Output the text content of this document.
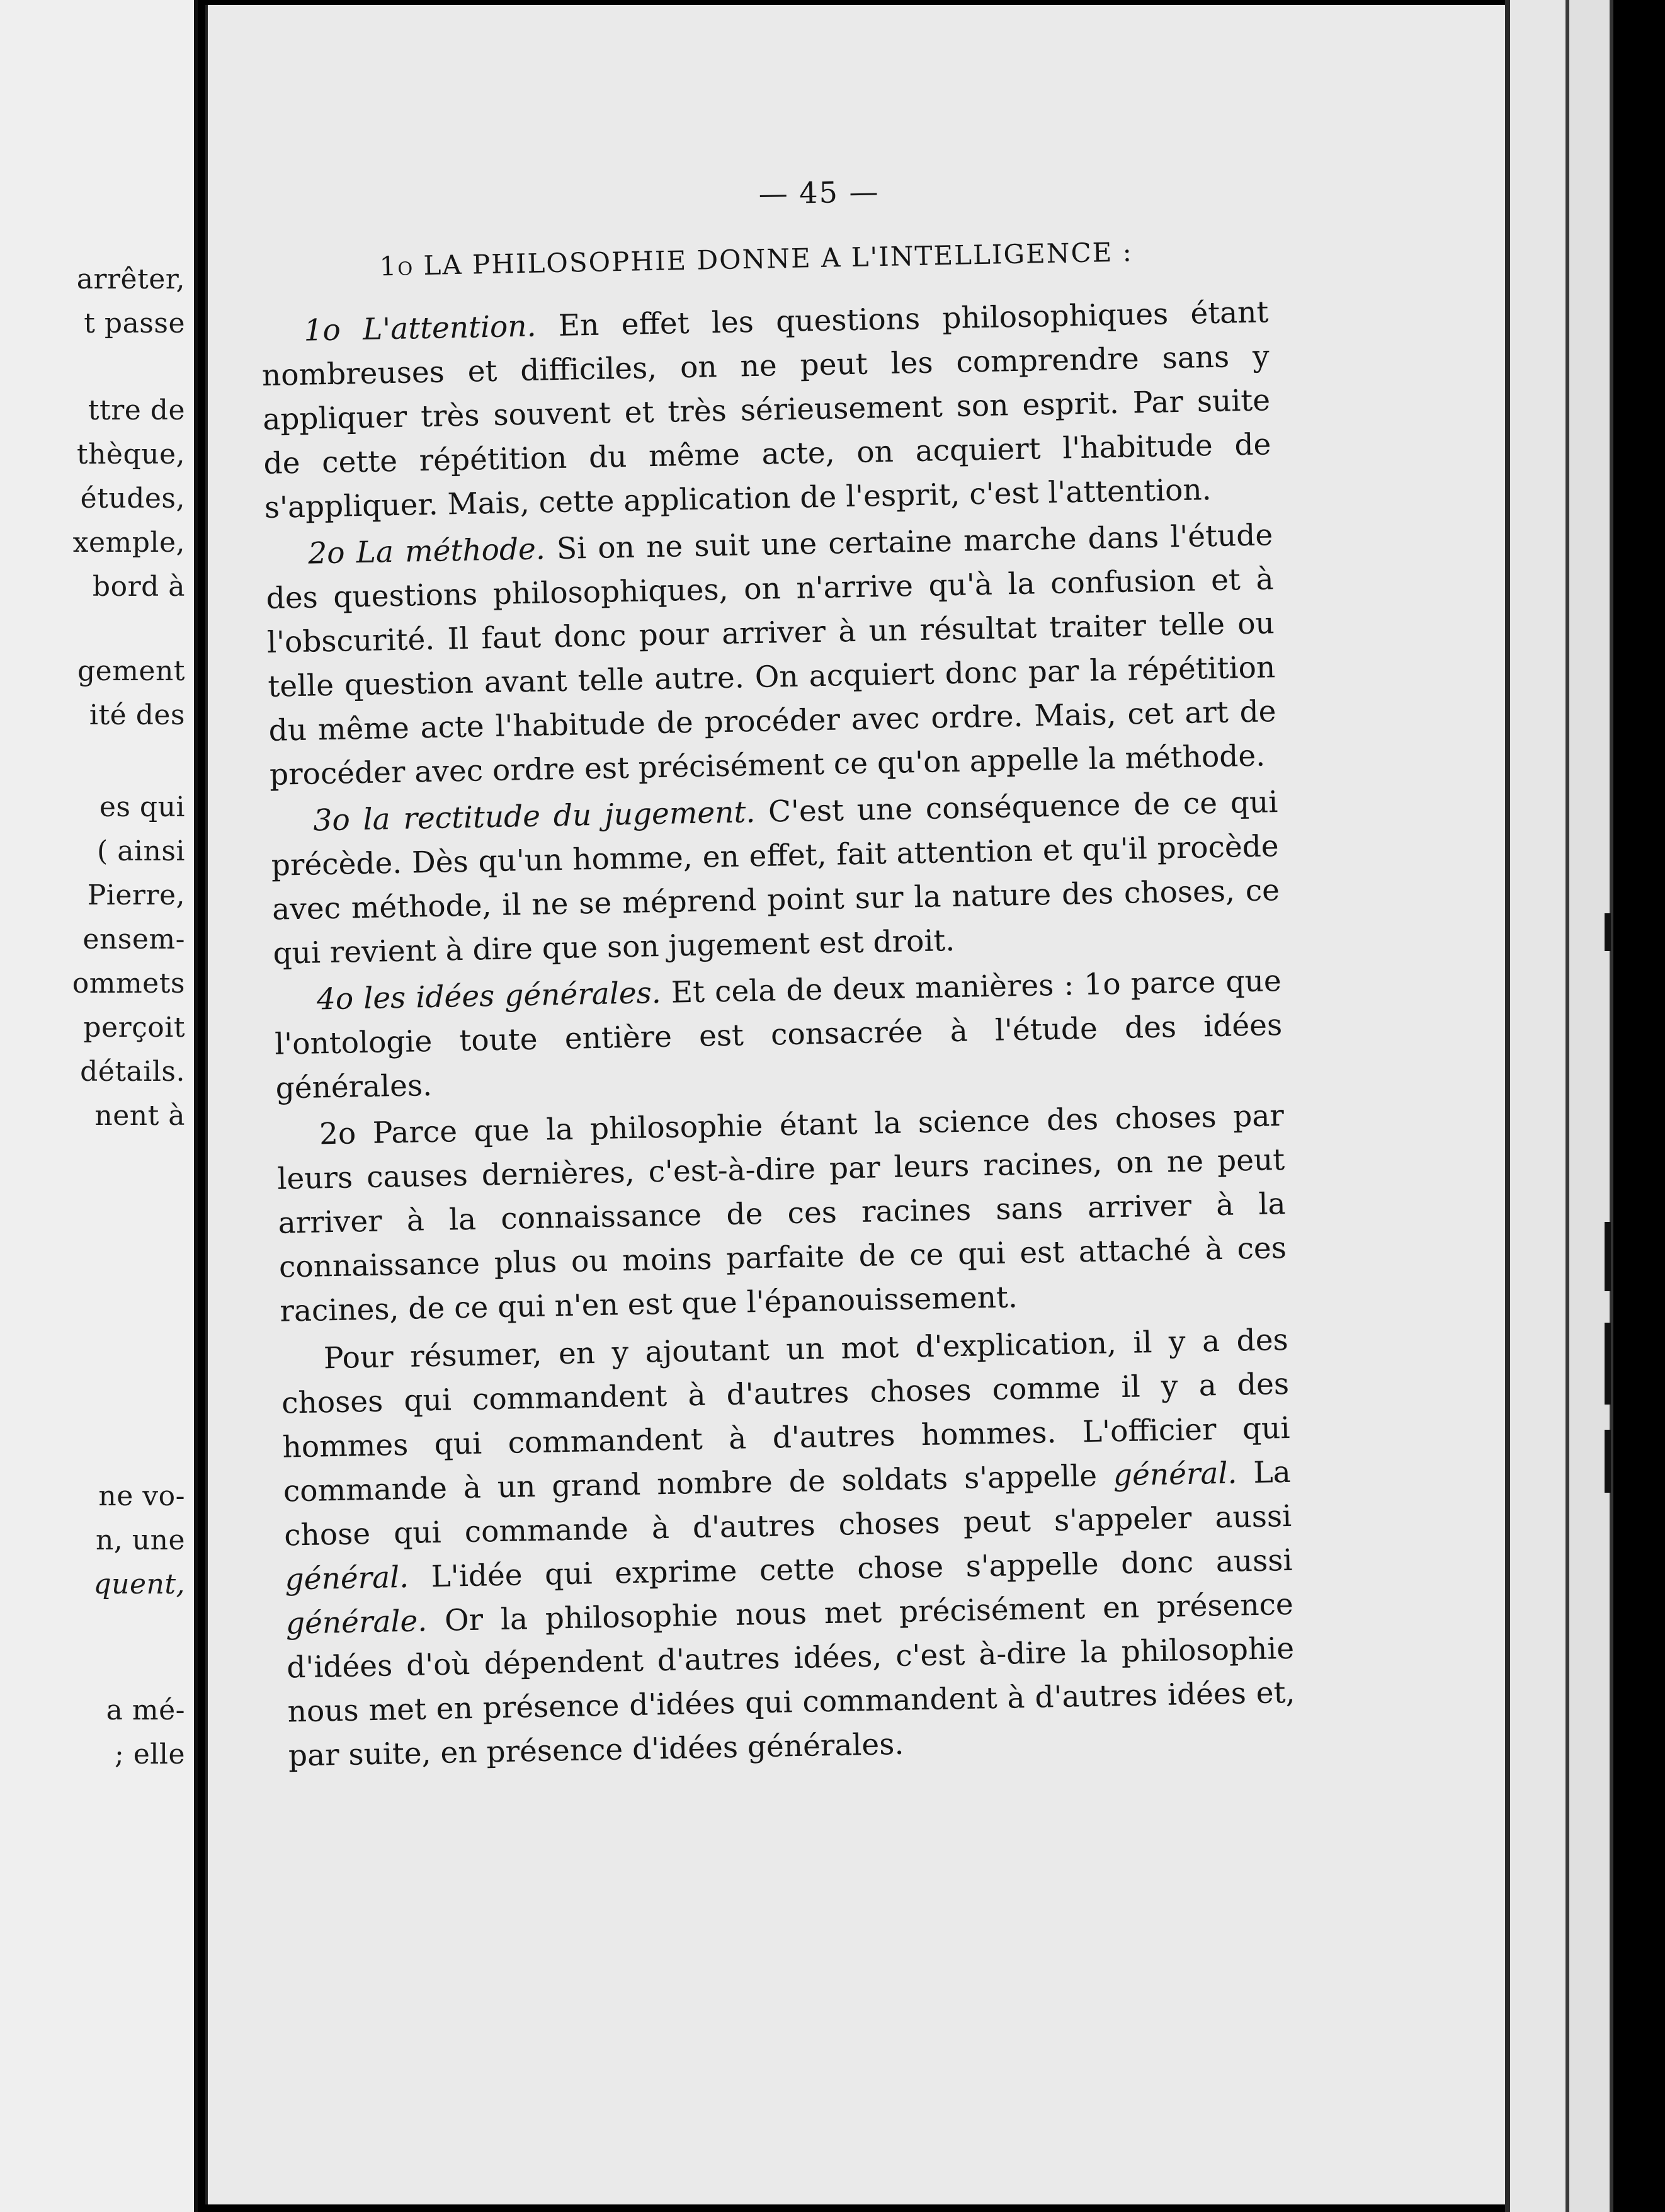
arrêter,
t passe
ttre de
thèque,
études,
xemple,
bord à
gement
ité des
es qui
( ainsi
Pierre,
ensem-
ommets
perçoit
détails.
nent à
ne vo-
n, une
quent,
a mé-
; elle
— 45 —
1o LA PHILOSOPHIE DONNE A L'INTELLIGENCE :

1o L'attention. En effet les questions philosophiques étant nombreuses et difficiles, on ne peut les comprendre sans y appliquer très souvent et très sérieusement son esprit. Par suite de cette répétition du même acte, on acquiert l'habitude de s'appliquer. Mais, cette application de l'esprit, c'est l'attention.

2o La méthode. Si on ne suit une certaine marche dans l'étude des questions philosophiques, on n'arrive qu'à la confusion et à l'obscurité. Il faut donc pour arriver à un résultat traiter telle ou telle question avant telle autre. On acquiert donc par la répétition du même acte l'habitude de procéder avec ordre. Mais, cet art de procéder avec ordre est précisément ce qu'on appelle la méthode.

3o la rectitude du jugement. C'est une conséquence de ce qui précède. Dès qu'un homme, en effet, fait attention et qu'il procède avec méthode, il ne se méprend point sur la nature des choses, ce qui revient à dire que son jugement est droit.

4o les idées générales. Et cela de deux manières : 1o parce que l'ontologie toute entière est consacrée à l'étude des idées générales.

2o Parce que la philosophie étant la science des choses par leurs causes dernières, c'est-à-dire par leurs racines, on ne peut arriver à la connaissance de ces racines sans arriver à la connaissance plus ou moins parfaite de ce qui est attaché à ces racines, de ce qui n'en est que l'épanouissement.

Pour résumer, en y ajoutant un mot d'explication, il y a des choses qui commandent à d'autres choses comme il y a des hommes qui commandent à d'autres hommes. L'officier qui commande à un grand nombre de soldats s'appelle général. La chose qui commande à d'autres choses peut s'appeler aussi général. L'idée qui exprime cette chose s'appelle donc aussi générale. Or la philosophie nous met précisément en présence d'idées d'où dépendent d'autres idées, c'est à-dire la philosophie nous met en présence d'idées qui commandent à d'autres idées et, par suite, en présence d'idées générales.
